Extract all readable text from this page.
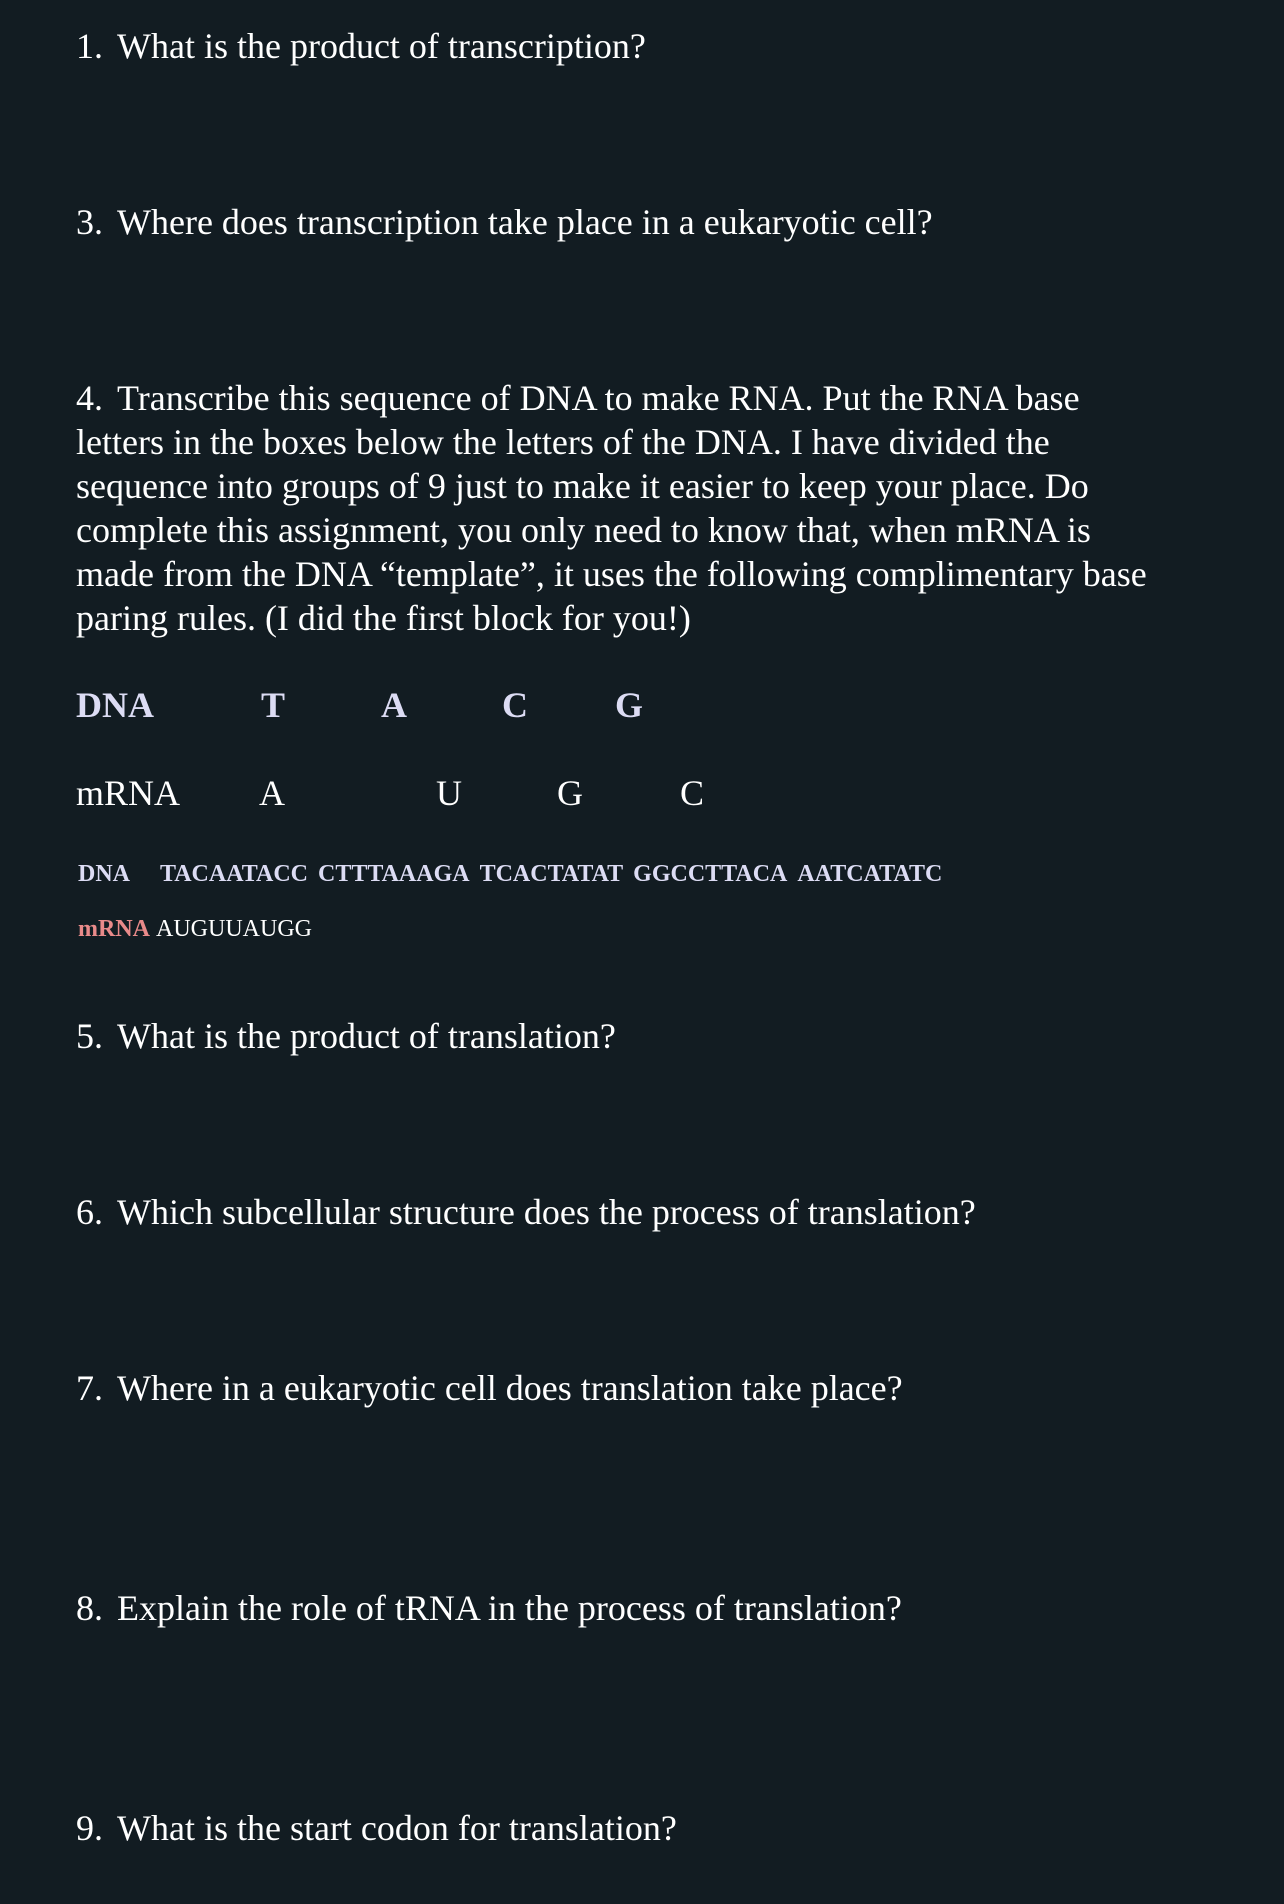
1. What is the product of transcription?

3. Where does transcription take place in a eukaryotic cell?

4. Transcribe this sequence of DNA to make RNA. Put the RNA base
letters in the boxes below the letters of the DNA. I have divided the
sequence into groups of 9 just to make it easier to keep your place. Do
complete this assignment, you only need to know that, when mRNA is
made from the DNA “template”, it uses the following complimentary base
paring rules. (I did the first block for you!)
DNA	T	A	C G
mRNA A	U	G	C
DNA TACAATACC CTTTAAAGA TCACTATAT GGCCTTACA AATCATATC
mRNA AUGUUAUGG

5. What is the product of translation?

6. Which subcellular structure does the process of translation?

7. Where in a eukaryotic cell does translation take place?

8. Explain the role of tRNA in the process of translation?

9. What is the start codon for translation?
